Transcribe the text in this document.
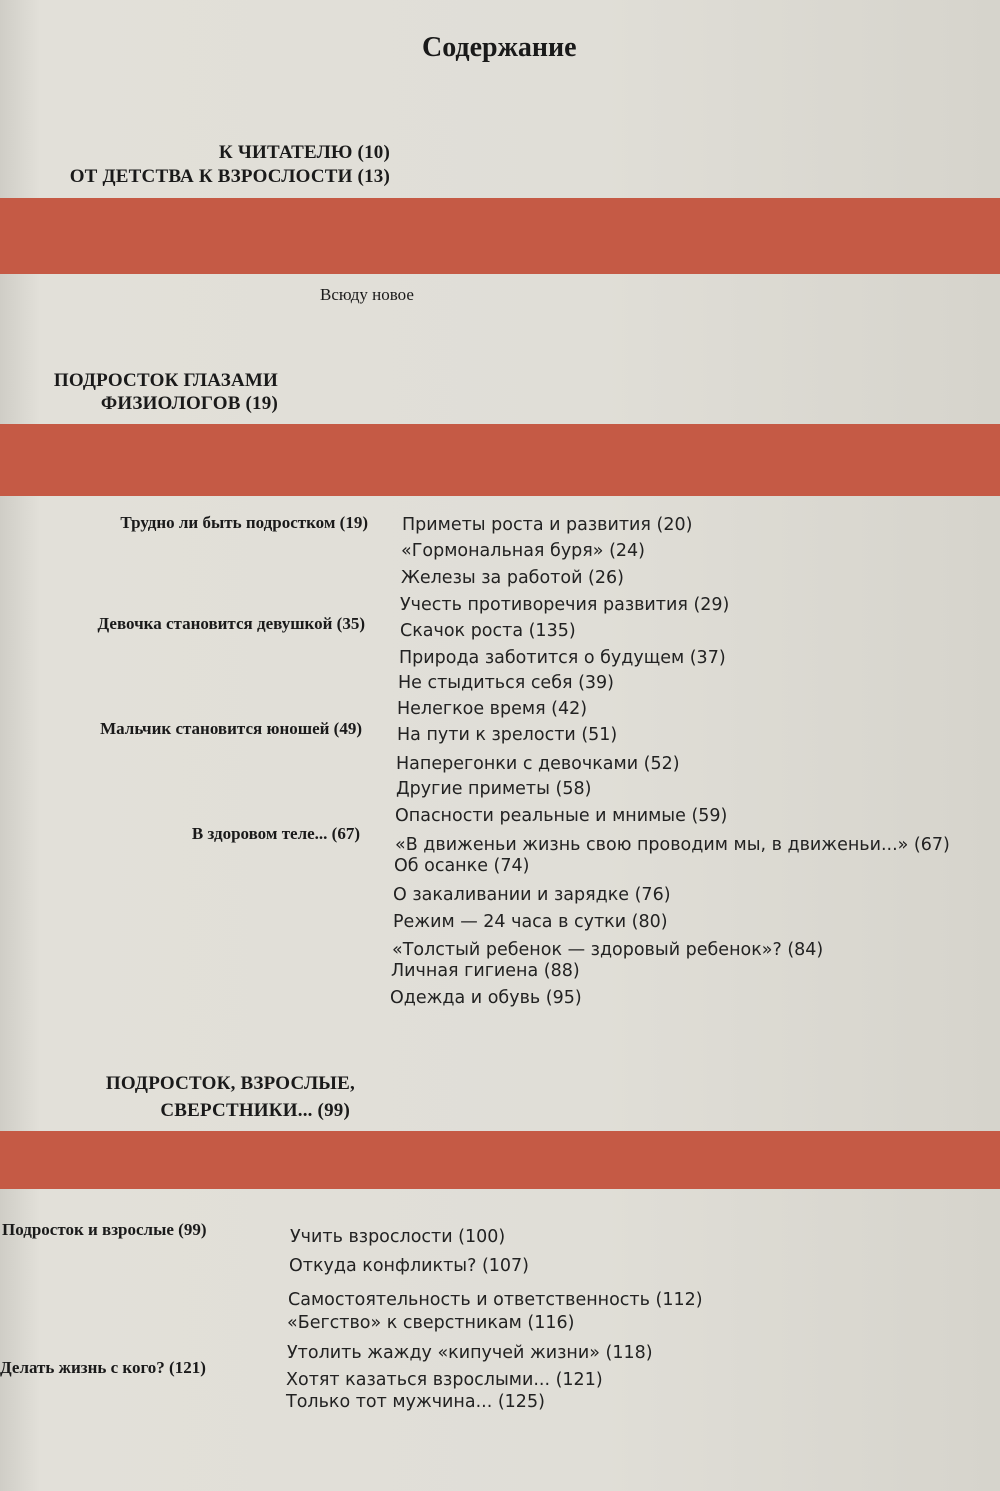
Содержание
К ЧИТАТЕЛЮ (10)
ОТ ДЕТСТВА К ВЗРОСЛОСТИ (13)
Всюду новое
ПОДРОСТОК ГЛАЗАМИ
ФИЗИОЛОГОВ (19)
Трудно ли быть подростком (19)
Девочка становится девушкой (35)
Мальчик становится юношей (49)
В здоровом теле... (67)
Приметы роста и развития (20)
«Гормональная буря» (24)
Железы за работой (26)
Учесть противоречия развития (29)
Скачок роста (135)
Природа заботится о будущем (37)
Не стыдиться себя (39)
Нелегкое время (42)
На пути к зрелости (51)
Наперегонки с девочками (52)
Другие приметы (58)
Опасности реальные и мнимые (59)
«В движеньи жизнь свою проводим мы, в движеньи...» (67)
Об осанке (74)
О закаливании и зарядке (76)
Режим — 24 часа в сутки (80)
«Толстый ребенок — здоровый ребенок»? (84)
Личная гигиена (88)
Одежда и обувь (95)
ПОДРОСТОК, ВЗРОСЛЫЕ,
СВЕРСТНИКИ... (99)
Подросток и взрослые (99)
Делать жизнь с кого? (121)
Учить взрослости (100)
Откуда конфликты? (107)
Самостоятельность и ответственность (112)
«Бегство» к сверстникам (116)
Утолить жажду «кипучей жизни» (118)
Хотят казаться взрослыми... (121)
Только тот мужчина... (125)
